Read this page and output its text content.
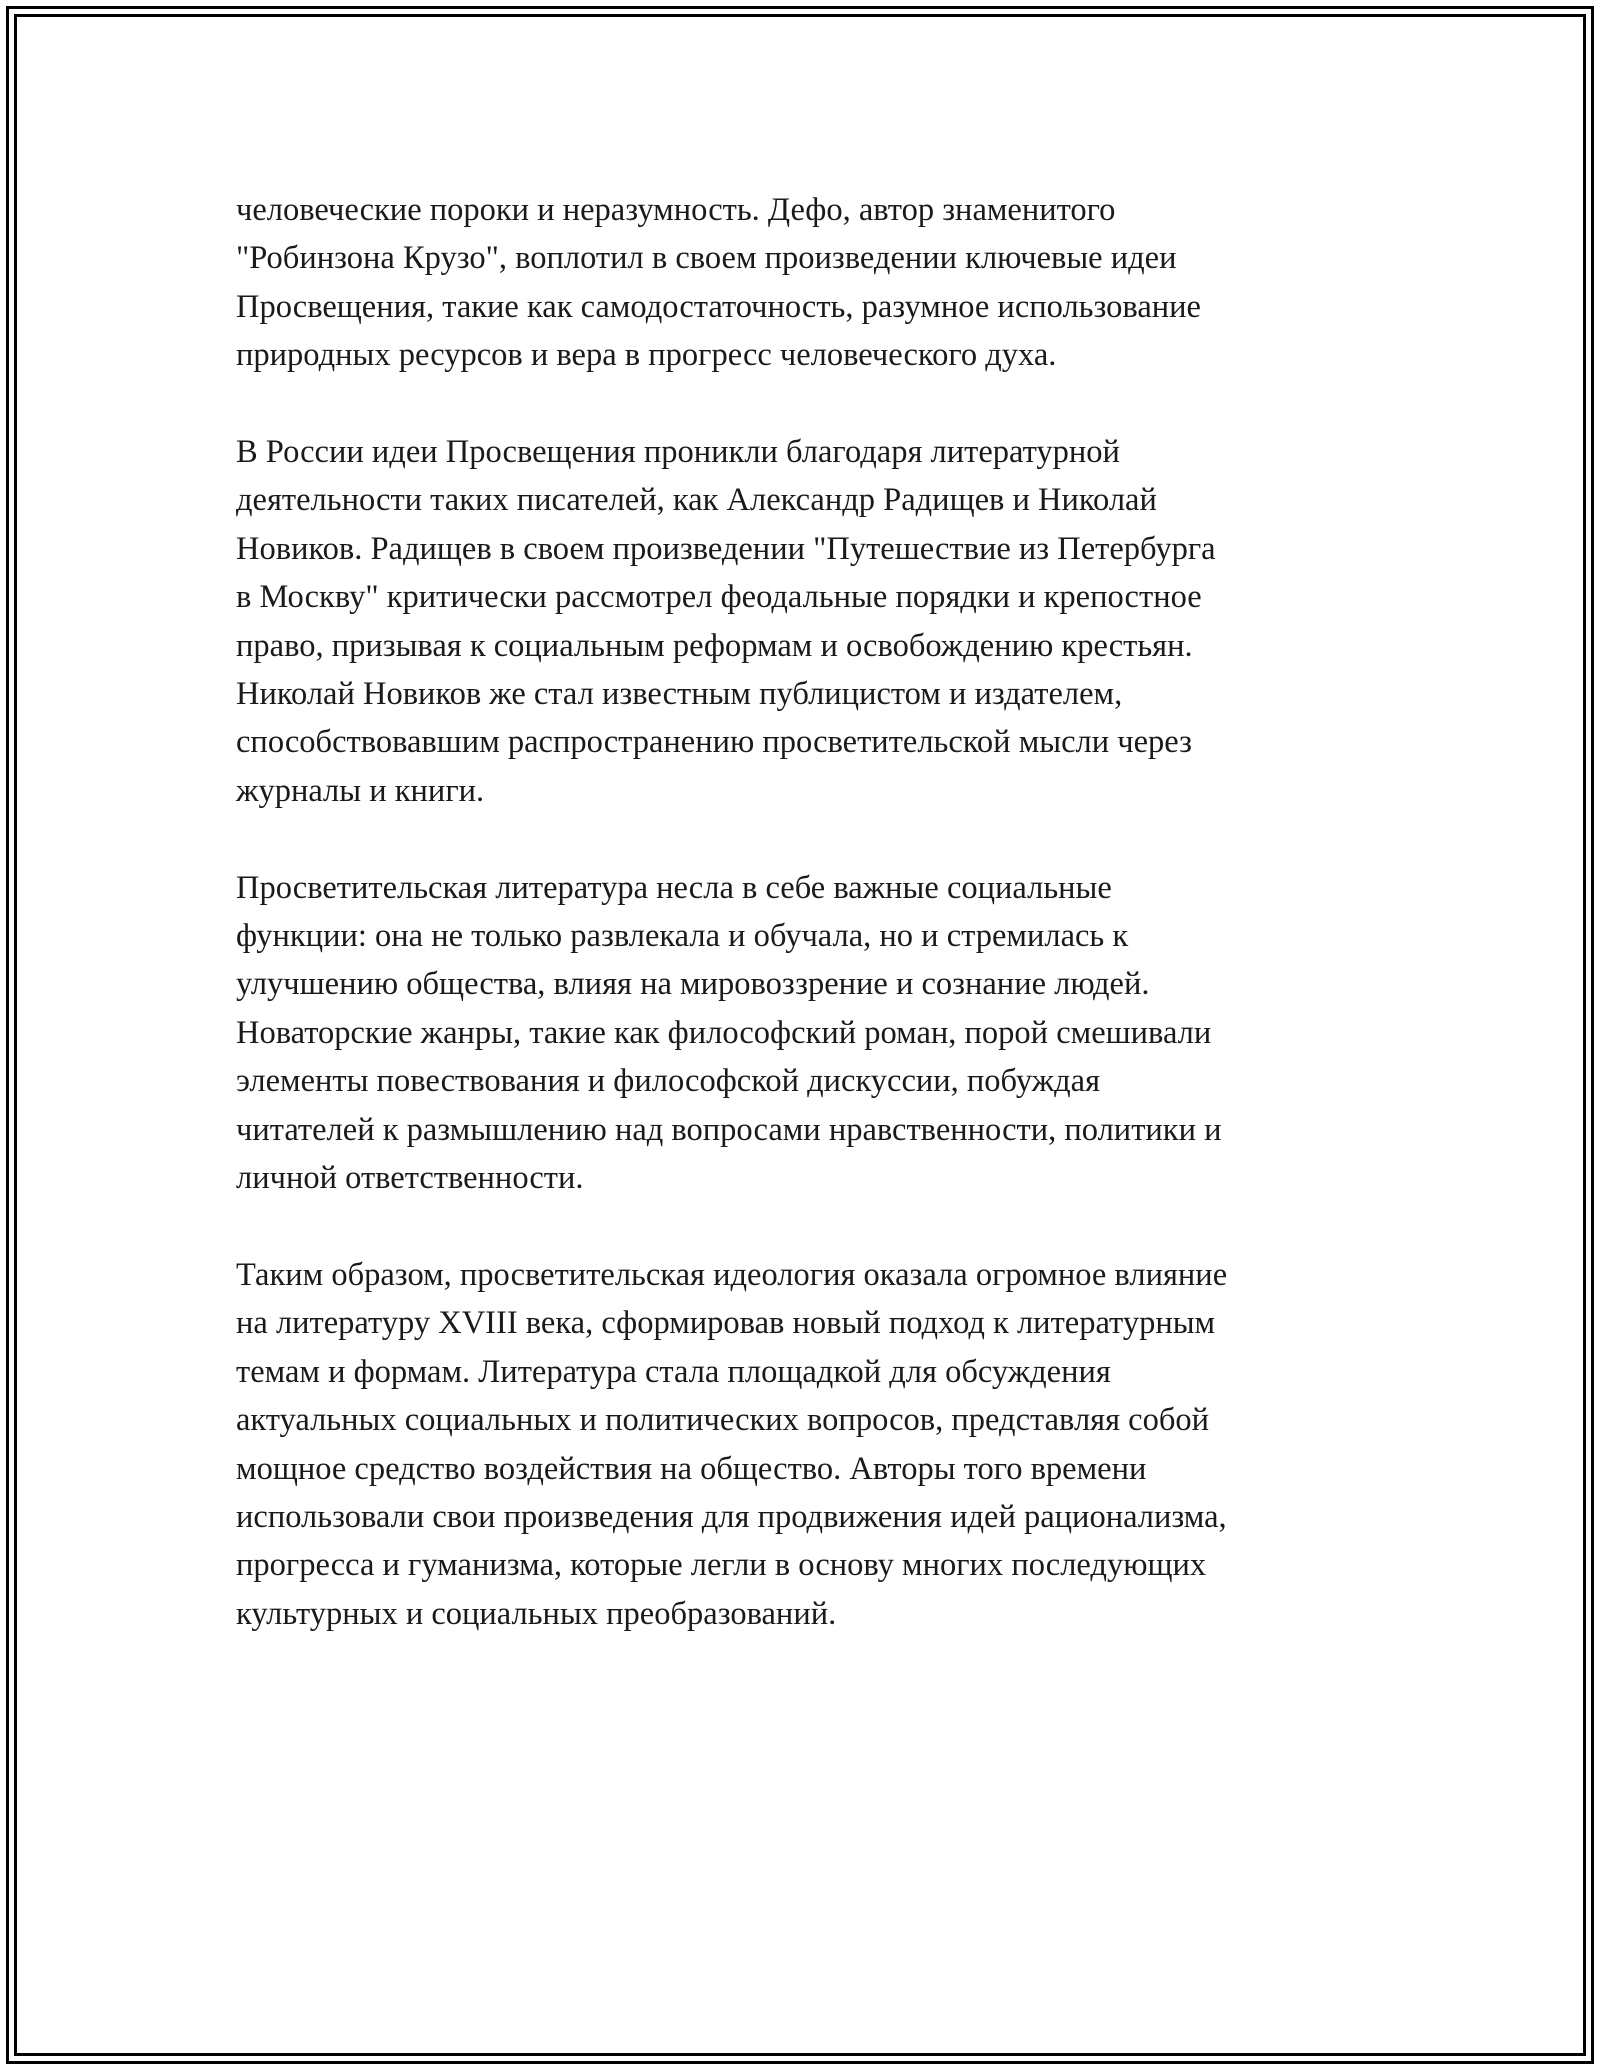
человеческие пороки и неразумность. Дефо, автор знаменитого
"Робинзона Крузо", воплотил в своем произведении ключевые идеи
Просвещения, такие как самодостаточность, разумное использование
природных ресурсов и вера в прогресс человеческого духа.

В России идеи Просвещения проникли благодаря литературной
деятельности таких писателей, как Александр Радищев и Николай
Новиков. Радищев в своем произведении "Путешествие из Петербурга
в Москву" критически рассмотрел феодальные порядки и крепостное
право, призывая к социальным реформам и освобождению крестьян.
Николай Новиков же стал известным публицистом и издателем,
способствовавшим распространению просветительской мысли через
журналы и книги.

Просветительская литература несла в себе важные социальные
функции: она не только развлекала и обучала, но и стремилась к
улучшению общества, влияя на мировоззрение и сознание людей.
Новаторские жанры, такие как философский роман, порой смешивали
элементы повествования и философской дискуссии, побуждая
читателей к размышлению над вопросами нравственности, политики и
личной ответственности.

Таким образом, просветительская идеология оказала огромное влияние
на литературу XVIII века, сформировав новый подход к литературным
темам и формам. Литература стала площадкой для обсуждения
актуальных социальных и политических вопросов, представляя собой
мощное средство воздействия на общество. Авторы того времени
использовали свои произведения для продвижения идей рационализма,
прогресса и гуманизма, которые легли в основу многих последующих
культурных и социальных преобразований.
